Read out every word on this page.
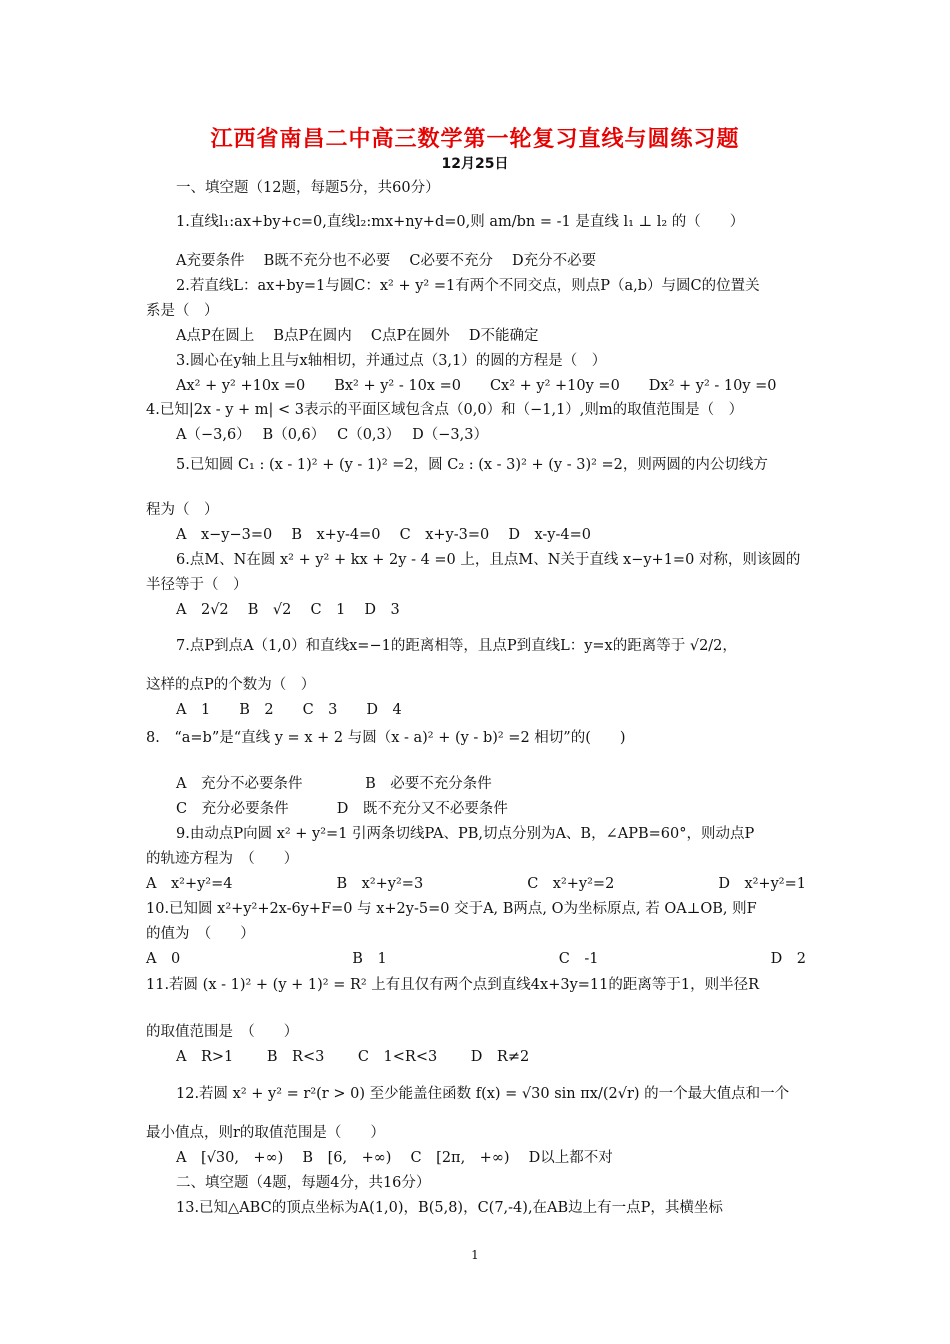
江西省南昌二中高三数学第一轮复习直线与圆练习题
12月25日
一、填空题（12题，每题5分，共60分）
1.直线l₁:ax+by+c=0,直线l₂:mx+ny+d=0,则 am/bn = -1 是直线 l₁ ⊥ l₂ 的（　　）
A充要条件　 B既不充分也不必要　 C必要不充分　 D充分不必要
2.若直线L：ax+by=1与圆C：x² + y² =1有两个不同交点，则点P（a,b）与圆C的位置关
系是（　）
A点P在圆上　 B点P在圆内　 C点P在圆外　 D不能确定
3.圆心在y轴上且与x轴相切，并通过点（3,1）的圆的方程是（　）
Ax² + y² +10x =0　　Bx² + y² - 10x =0　　Cx² + y² +10y =0　　Dx² + y² - 10y =0
4.已知|2x - y + m| < 3表示的平面区域包含点（0,0）和（−1,1）,则m的取值范围是（　）
A（−3,6）　 B（0,6）　 C（0,3）　 D（−3,3）
5.已知圆 C₁ : (x - 1)² + (y - 1)² =2，圆 C₂ : (x - 3)² + (y - 3)² =2，则两圆的内公切线方
程为（　）
A　x−y−3=0　 B　x+y-4=0　 C　x+y-3=0　 D　x-y-4=0
6.点M、N在圆 x² + y² + kx + 2y - 4 =0 上，且点M、N关于直线 x−y+1=0 对称，则该圆的
半径等于（　）
A　2√2　 B　√2　 C　1　 D　3
7.点P到点A（1,0）和直线x=−1的距离相等，且点P到直线L：y=x的距离等于 √2/2，
这样的点P的个数为（　）
A　1　　B　2　　C　3　　D　4
8.　“a=b”是“直线 y = x + 2 与圆（x - a)² + (y - b)² =2 相切”的(　　)
A　充分不必要条件　　　　 B　必要不充分条件
C　充分必要条件　　　 D　既不充分又不必要条件
9.由动点P向圆 x² + y²=1 引两条切线PA、PB,切点分别为A、B，∠APB=60°，则动点P
的轨迹方程为　（　　）
A　x²+y²=4	B　x²+y²=3	C　x²+y²=2	D　x²+y²=1
10.已知圆 x²+y²+2x-6y+F=0 与 x+2y-5=0 交于A, B两点, O为坐标原点, 若 OA⊥OB, 则F
的值为　（　　）
A　0	B　1	C　-1	D　2
11.若圆 (x - 1)² + (y + 1)² = R² 上有且仅有两个点到直线4x+3y=11的距离等于1，则半径R
的取值范围是　（　　）
A　R>1　　 B　R<3　　 C　1<R<3　　 D　R≠2
12.若圆 x² + y² = r²(r > 0) 至少能盖住函数 f(x) = √30 sin πx/(2√r) 的一个最大值点和一个
最小值点，则r的取值范围是（　　）
A　[√30,　+∞)　 B　[6,　+∞)　 C　[2π,　+∞)　 D以上都不对
二、填空题（4题，每题4分，共16分）
13.已知△ABC的顶点坐标为A(1,0)，B(5,8)，C(7,-4),在AB边上有一点P，其横坐标
1
